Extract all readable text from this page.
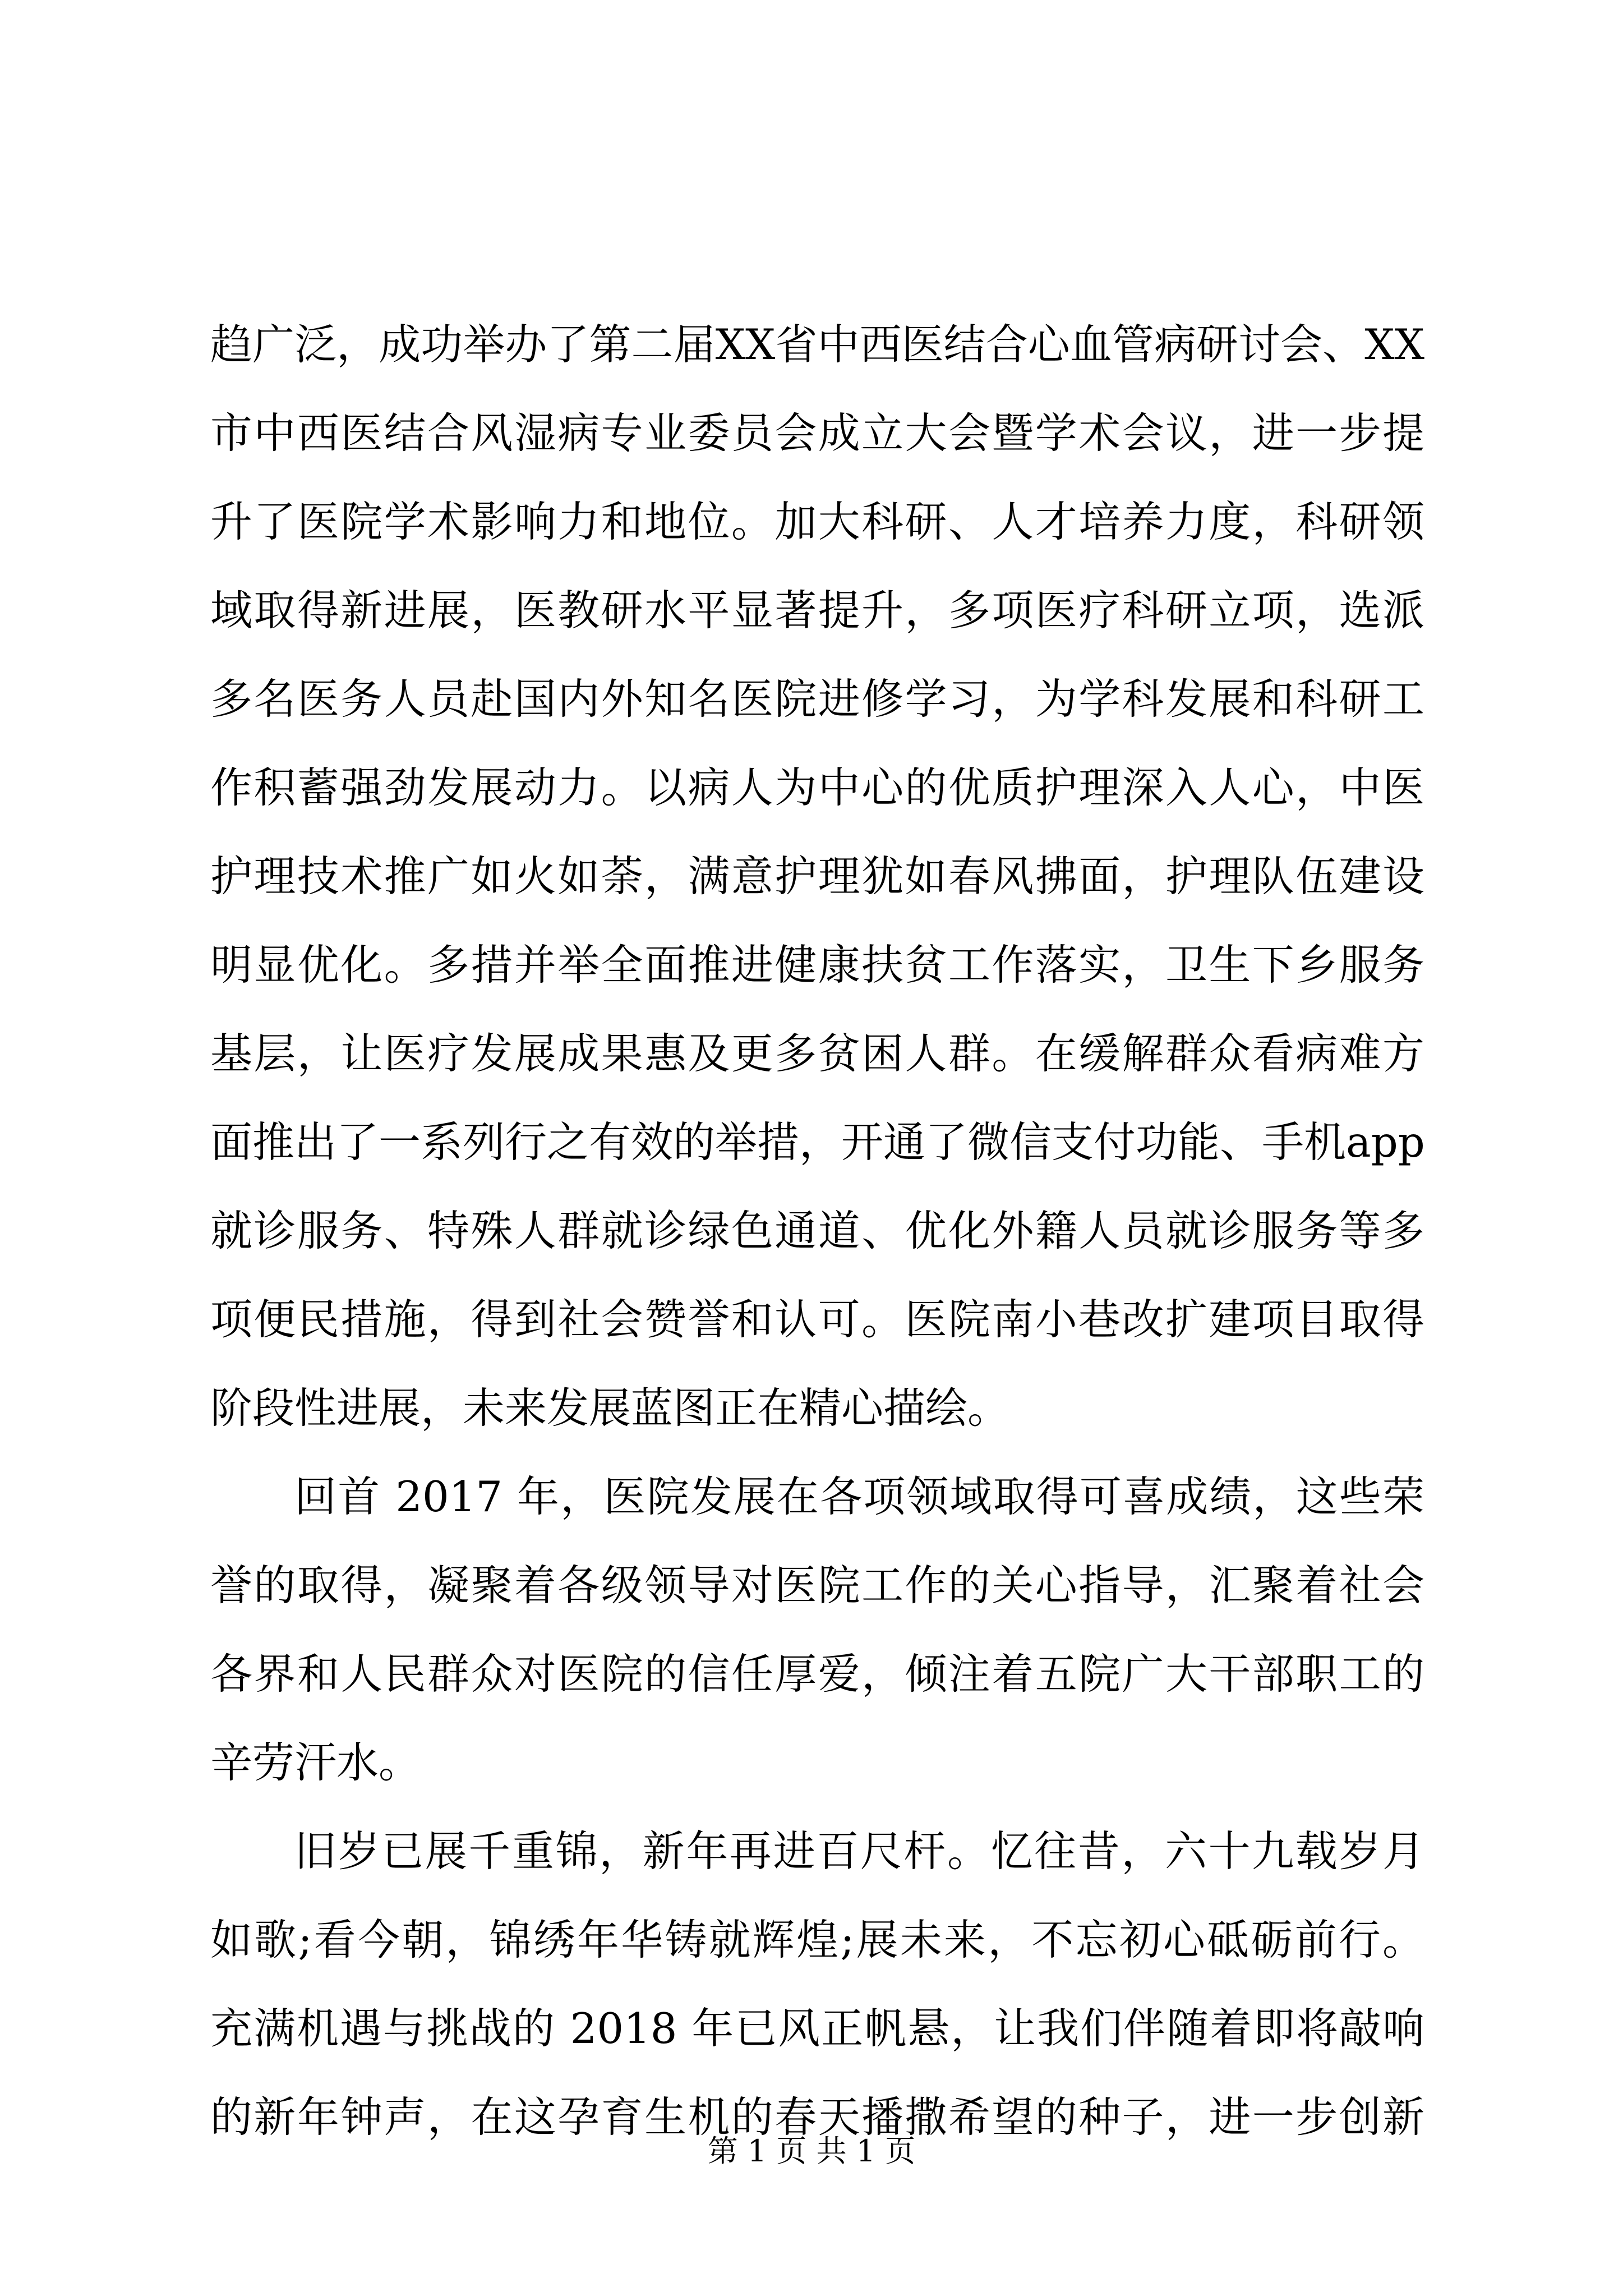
趋广泛，成功举办了第二届XX省中西医结合心血管病研讨会、XX
市中西医结合风湿病专业委员会成立大会暨学术会议，进一步提
升了医院学术影响力和地位。加大科研、人才培养力度，科研领
域取得新进展，医教研水平显著提升，多项医疗科研立项，选派
多名医务人员赴国内外知名医院进修学习，为学科发展和科研工
作积蓄强劲发展动力。以病人为中心的优质护理深入人心，中医
护理技术推广如火如荼，满意护理犹如春风拂面，护理队伍建设
明显优化。多措并举全面推进健康扶贫工作落实，卫生下乡服务
基层，让医疗发展成果惠及更多贫困人群。在缓解群众看病难方
面推出了一系列行之有效的举措，开通了微信支付功能、手机app
就诊服务、特殊人群就诊绿色通道、优化外籍人员就诊服务等多
项便民措施，得到社会赞誉和认可。医院南小巷改扩建项目取得
阶段性进展，未来发展蓝图正在精心描绘。
回首 2017 年，医院发展在各项领域取得可喜成绩，这些荣
誉的取得，凝聚着各级领导对医院工作的关心指导，汇聚着社会
各界和人民群众对医院的信任厚爱，倾注着五院广大干部职工的
辛劳汗水。
旧岁已展千重锦，新年再进百尺杆。忆往昔，六十九载岁月
如歌;看今朝，锦绣年华铸就辉煌;展未来，不忘初心砥砺前行。
充满机遇与挑战的 2018 年已风正帆悬，让我们伴随着即将敲响
的新年钟声，在这孕育生机的春天播撒希望的种子，进一步创新
第 1 页 共 1 页
